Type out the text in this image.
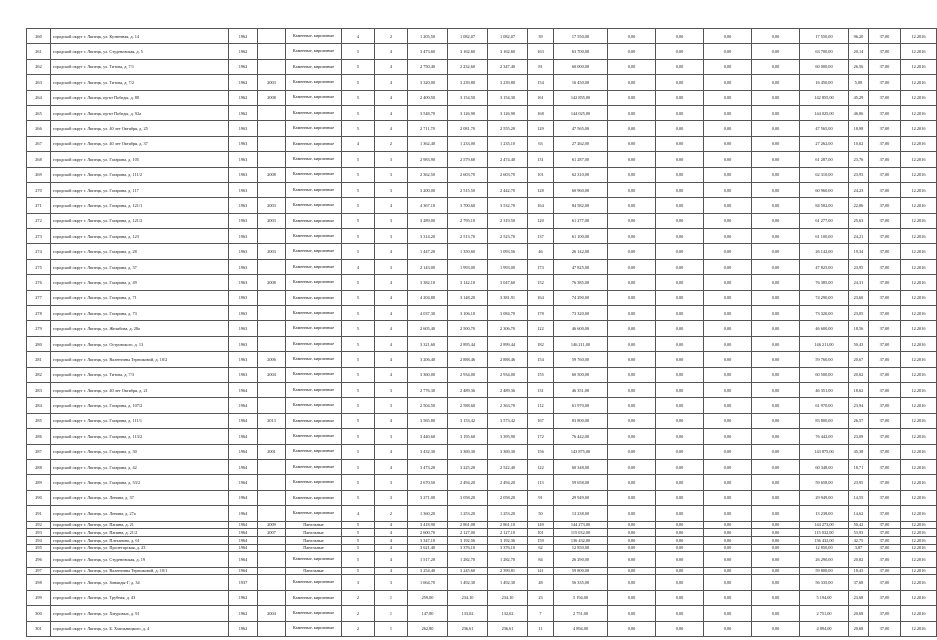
260	городской округ г. Липецк, ул. Кузнечная, д. 14	1962		Каменные, кирпичные	4	2	1 205,50	1 082,07	1 082,07	39	17 550,00	0,00	0,00	0,00	0,00	17 550,00	96,20	37,00	12.2016
261	городской округ г. Липецк, ул. Студеновская, д. 5	1962		Каменные, кирпичные	5	4	3 473,60	3 162,60	3 162,60	163	63 700,00	0,00	0,00	0,00	0,00	63 700,00	20,14	37,00	12.2016
262	городской округ г. Липецк, ул. Титова, д. 7/1	1962		Каменные, кирпичные	5	4	2 750,40	2 232,60	2 347,40	81	60 000,00	0,00	0,00	0,00	0,00	60 000,00	26,56	37,00	12.2016
263	городской округ г. Липецк, ул. Титова, д. 7/2	1962	2003	Каменные, кирпичные	5	4	3 320,00	3 239,80	3 239,80	154	16 450,00	0,00	0,00	0,00	0,00	16 450,00	5,08	37,00	12.2016
264	городской округ г. Липецк, пр-кт Победы, д. 88	1962	2008	Каменные, кирпичные	5	4	2 400,50	3 154,50	3 154,30	161	142 855,00	0,00	0,00	0,00	0,00	142 855,00	45,29	37,00	12.2016
265	городской округ г. Липецк, пр-кт Победы, д. 92а	1962		Каменные, кирпичные	5	4	3 548,70	3 126,90	3 126,90	168	144 025,00	0,00	0,00	0,00	0,00	144 025,00	46,06	37,00	12.2016
266	городской округ г. Липецк, ул. 40 лет Октября, д. 25	1963		Каменные, кирпичные	5	4	2 711,70	2 081,70	2 555,20	129	47 565,00	0,00	0,00	0,00	0,00	47 565,00	18,98	37,00	12.2016
267	городской округ г. Липецк, ул. 40 лет Октября, д. 37	1963		Каменные, кирпичные	4	2	1 362,40	1 233,00	1 235,10	63	27 262,00	0,00	0,00	0,00	0,00	27 262,00	10,62	37,00	12.2016
268	городской округ г. Липецк, ул. Гагарина, д. 105	1963		Каменные, кирпичные	5	3	2 983,90	2 579,60	2 474,40	131	61 287,00	0,00	0,00	0,00	0,00	61 287,00	23,76	37,00	12.2016
269	городской округ г. Липецк, ул. Гагарина, д. 111/2	1963	2008	Каменные, кирпичные	5	3	2 362,50	2 603,70	2 603,70	101	62 310,00	0,00	0,00	0,00	0,00	62 310,00	23,93	37,00	12.2016
270	городской округ г. Липецк, ул. Гагарина, д. 117	1963		Каменные, кирпичные	5	3	3 200,00	2 515,50	2 442,70	128	60 960,00	0,00	0,00	0,00	0,00	60 960,00	24,23	37,00	12.2016
271	городской округ г. Липецк, ул. Гагарина, д. 121/1	1963	2003	Каменные, кирпичные	5	4	4 367,10	3 700,60	3 532,70	164	84 582,00	0,00	0,00	0,00	0,00	84 582,00	22,86	37,00	12.2016
272	городской округ г. Липецк, ул. Гагарина, д. 121/2	1963	2003	Каменные, кирпичные	5	3	3 289,00	2 795,10	2 319,50	120	61 277,00	0,00	0,00	0,00	0,00	61 277,00	25,63	37,00	12.2016
273	городской округ г. Липецк, ул. Гагарина, д. 123	1963		Каменные, кирпичные	5	3	3 314,20	2 513,70	2 523,70	137	61 100,00	0,00	0,00	0,00	0,00	61 100,00	24,21	37,00	12.2016
274	городской округ г. Липецк, ул. Гагарина, д. 28	1963	2003	Каменные, кирпичные	5	4	1 447,20	1 350,60	1 093,56	46	26 142,00	0,00	0,00	0,00	0,00	26 142,00	19,34	37,00	12.2016
275	городской округ г. Липецк, ул. Гагарина, д. 37	1963		Каменные, кирпичные	4	3	2 143,00	1 993,00	1 993,00	173	47 825,00	0,00	0,00	0,00	0,00	47 825,00	23,95	37,00	12.2016
276	городской округ г. Липецк, ул. Гагарина, д. 49	1963	2008	Каменные, кирпичные	5	4	3 382,10	3 142,10	3 047,60	152	76 385,00	0,00	0,00	0,00	0,00	76 385,00	24,31	37,00	12.2016
277	городской округ г. Липецк, ул. Гагарина, д. 71	1963		Каменные, кирпичные	5	4	4 204,80	3 148,20	3 381,91	164	74 290,00	0,00	0,00	0,00	0,00	74 290,00	23,60	37,00	12.2016
278	городской округ г. Липецк, ул. Гагарина, д. 73	1963		Каменные, кирпичные	5	4	4 037,30	3 106,10	3 084,70	178	73 320,00	0,00	0,00	0,00	0,00	73 320,00	23,05	37,00	12.2016
279	городской округ г. Липецк, ул. Желябова, д. 28а	1963		Каменные, кирпичные	5	4	2 605,40	2 500,70	2 306,70	122	46 600,00	0,00	0,00	0,00	0,00	46 600,00	18,56	37,00	12.2016
280	городской округ г. Липецк, ул. Островского, д. 13	1963		Каменные, кирпичные	5	4	3 321,60	2 895,44	2 899,44	182	146 211,00	0,00	0,00	0,00	0,00	146 211,00	50,43	37,00	12.2016
281	городской округ г. Липецк, ул. Валентины Терешковой, д. 10/2	1963	2006	Каменные, кирпичные	5	4	3 206,40	2 888,46	2 888,46	154	59 760,00	0,00	0,00	0,00	0,00	59 760,00	20,67	37,00	12.2016
282	городской округ г. Липецк, ул. Титова, д. 7/3	1963	2004	Каменные, кирпичные	5	4	3 360,00	2 934,00	2 934,00	155	60 500,00	0,00	0,00	0,00	0,00	60 500,00	20,62	37,00	12.2016
283	городской округ г. Липецк, ул. 40 лет Октября, д. 21	1964		Каменные, кирпичные	5	3	2 776,30	2 489,36	2 489,36	131	46 351,00	0,00	0,00	0,00	0,00	46 351,00	18,62	37,00	12.2016
284	городской округ г. Липецк, ул. Гагарина, д. 107/2	1964		Каменные, кирпичные	5	3	2 504,50	2 588,60	2 363,70	112	61 970,00	0,00	0,00	0,00	0,00	61 970,00	23,94	37,00	12.2016
285	городской округ г. Липецк, ул. Гагарина, д. 111/1	1964	2013	Каменные, кирпичные	5	4	3 565,80	3 153,42	3 573,42	167	83 800,00	0,00	0,00	0,00	0,00	83 800,00	26,57	37,00	12.2016
286	городской округ г. Липецк, ул. Гагарина, д. 113/2	1964		Каменные, кирпичные	5	3	3 440,60	3 195,60	3 395,90	172	76 442,00	0,00	0,00	0,00	0,00	76 442,00	23,09	37,00	12.2016
287	городской округ г. Липецк, ул. Гагарина, д. 30	1964	2001	Каменные, кирпичные	5	4	3 432,30	3 369,30	3 369,30	156	143 875,00	0,00	0,00	0,00	0,00	143 875,00	45,38	37,00	12.2016
288	городской округ г. Липецк, ул. Гагарина, д. 42	1964		Каменные, кирпичные	5	4	3 473,20	3 225,20	2 522,40	122	60 348,00	0,00	0,00	0,00	0,00	60 348,00	18,71	37,00	12.2016
289	городской округ г. Липецк, ул. Гагарина, д. 53/2	1964		Каменные, кирпичные	5	3	2 670,50	2 494,20	2 494,20	113	59 658,00	0,00	0,00	0,00	0,00	59 658,00	23,95	37,00	12.2016
290	городской округ г. Липецк, ул. Ленина, д. 37	1964		Каменные, кирпичные	5	3	3 271,00	3 058,20	2 058,20	91	29 949,00	0,00	0,00	0,00	0,00	29 949,00	14,55	37,00	12.2016
291	городской округ г. Липецк, ул. Ленина, д. 27а	1964		Каменные, кирпичные	4	2	1 360,20	1 253,20	1 253,20	50	13 238,00	0,00	0,00	0,00	0,00	13 238,00	14,62	37,00	12.2016
292	городской округ г. Липецк, ул. Папина, д. 21	1964	2009	Панельные	5	4	3 418,90	2 861,08	2 861,10	149	144 273,00	0,00	0,00	0,00	0,00	144 273,00	50,42	37,00	12.2016
293	городской округ г. Липецк, ул. Папина, д. 21/2	1964	2007	Панельные	5	4	2 600,70	2 127,00	2 127,10	101	115 032,00	0,00	0,00	0,00	0,00	115 032,00	53,93	37,00	12.2016
294	городской округ г. Липецк, ул. Плеханова, д. 61	1964		Панельные	5	4	3 347,10	3 192,56	3 192,36	159	136 432,00	0,00	0,00	0,00	0,00	136 432,00	42,75	37,00	12.2016
295	городской округ г. Липецк, ул. Пролетарская, д. 23	1964		Панельные	5	4	3 621,40	3 376,10	3 376,10	62	12 850,00	0,00	0,00	0,00	0,00	12 850,00	3,87	37,00	12.2016
296	городской округ г. Липецк, ул. Студеновская, д. 19	1964		Каменные, кирпичные	5	4	1 517,20	1 282,70	1 282,70	84	26 290,00	0,00	0,00	0,00	0,00	26 290,00	20,82	37,00	12.2016
297	городской округ г. Липецк, ул. Валентины Терешковой, д. 10/1	1964		Панельные	5	4	3 254,40	3 245,60	2 399,81	141	59 800,00	0,00	0,00	0,00	0,00	59 800,00	18,43	37,00	12.2016
298	городской округ г. Липецк, ул. Зинаиды-Г, д. 34	1937		Каменные, кирпичные	3	3	1 664,70	1 492,30	1 492,30	48	56 335,00	0,00	0,00	0,00	0,00	56 335,00	37,68	37,00	12.2016
299	городской округ г. Липецк, ул. Трубная, д. 43	1962		Каменные, кирпичные	2	1	259,00	234,10	234,10	23	5 194,00	0,00	0,00	0,00	0,00	5 194,00	23,68	37,00	12.2016
300	городской округ г. Липецк, ул. Хмуровых, д. 91	1962	2004	Каменные, кирпичные	2	1	147,80	133,02	132,02	7	2 751,00	0,00	0,00	0,00	0,00	2 751,00	20,68	37,00	12.2016
301	городской округ г. Липецк, ул. Б. Хмельницкого, д. 4	1962		Каменные, кирпичные	2	1	262,80	236,61	236,61	11	4 894,00	0,00	0,00	0,00	0,00	4 894,00	20,68	37,00	12.2016
